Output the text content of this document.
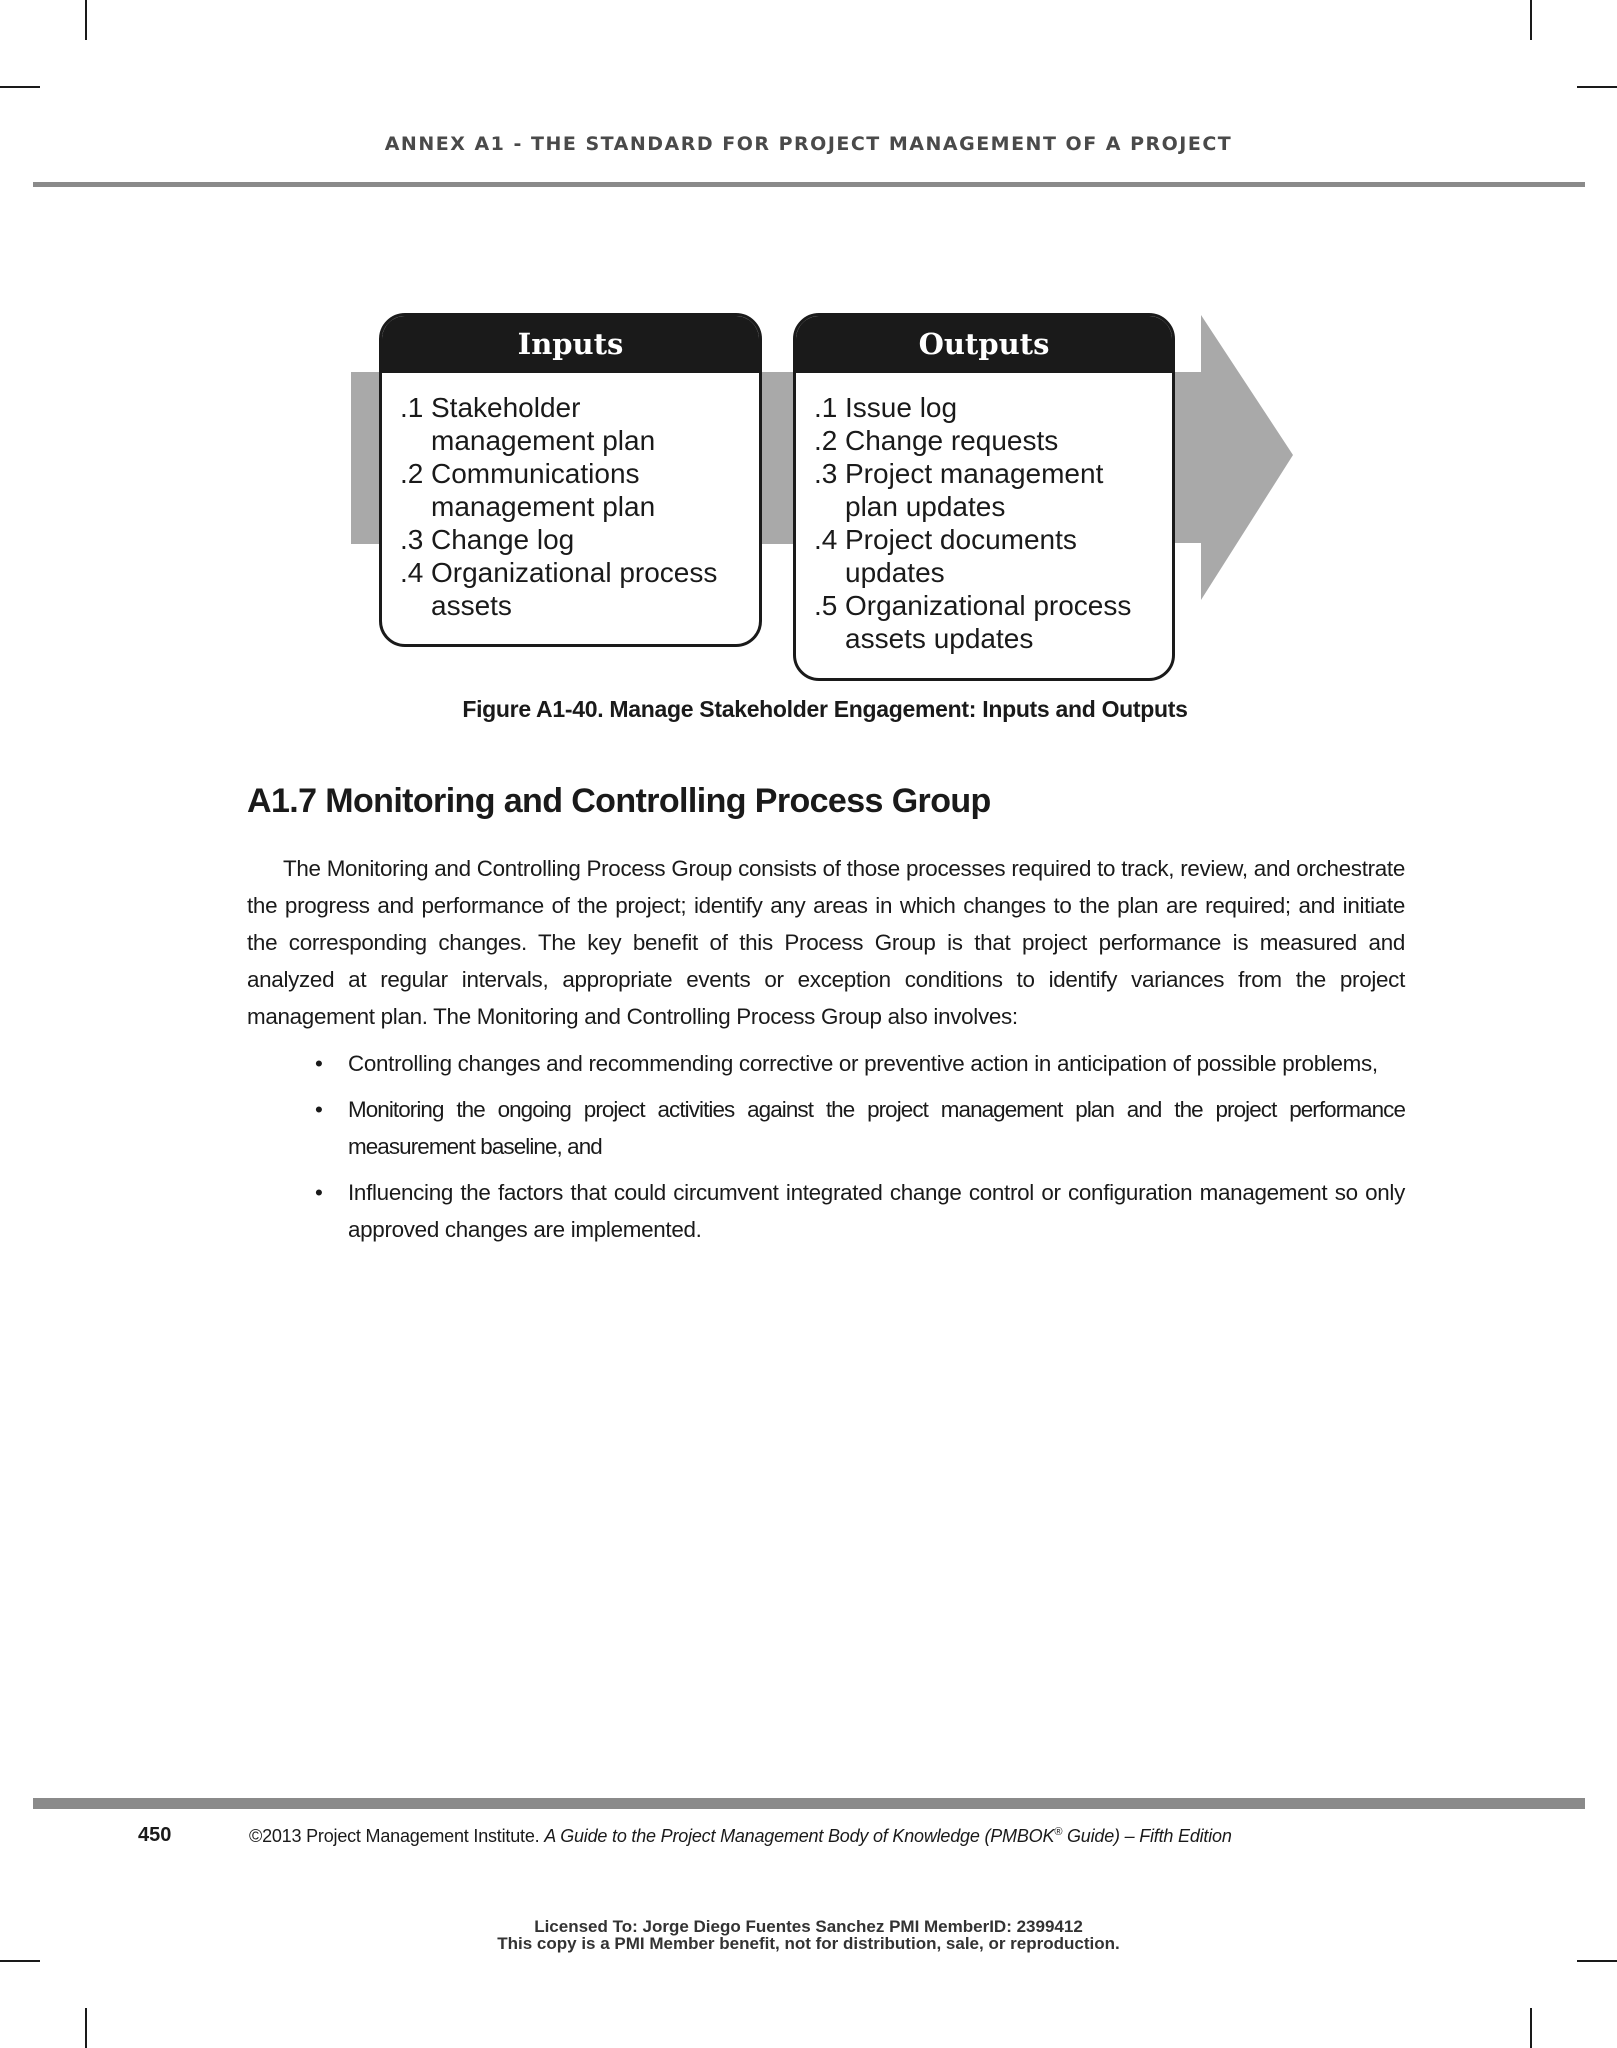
ANNEX A1 - THE STANDARD FOR PROJECT MANAGEMENT OF A PROJECT
Inputs
.1 Stakeholder management plan
.2 Communications management plan
.3 Change log
.4 Organizational process assets
Outputs
.1 Issue log
.2 Change requests
.3 Project management plan updates
.4 Project documents updates
.5 Organizational process assets updates
Figure A1-40. Manage Stakeholder Engagement: Inputs and Outputs
A1.7 Monitoring and Controlling Process Group

The Monitoring and Controlling Process Group consists of those processes required to track, review, and orchestrate the progress and performance of the project; identify any areas in which changes to the plan are required; and initiate the corresponding changes. The key benefit of this Process Group is that project performance is measured and analyzed at regular intervals, appropriate events or exception conditions to identify variances from the project management plan. The Monitoring and Controlling Process Group also involves:

• Controlling changes and recommending corrective or preventive action in anticipation of possible problems,
• Monitoring the ongoing project activities against the project management plan and the project performance measurement baseline, and
• Influencing the factors that could circumvent integrated change control or configuration management so only approved changes are implemented.
450	©2013 Project Management Institute. A Guide to the Project Management Body of Knowledge (PMBOK® Guide) – Fifth Edition
Licensed To: Jorge Diego Fuentes Sanchez PMI MemberID: 2399412
This copy is a PMI Member benefit, not for distribution, sale, or reproduction.
